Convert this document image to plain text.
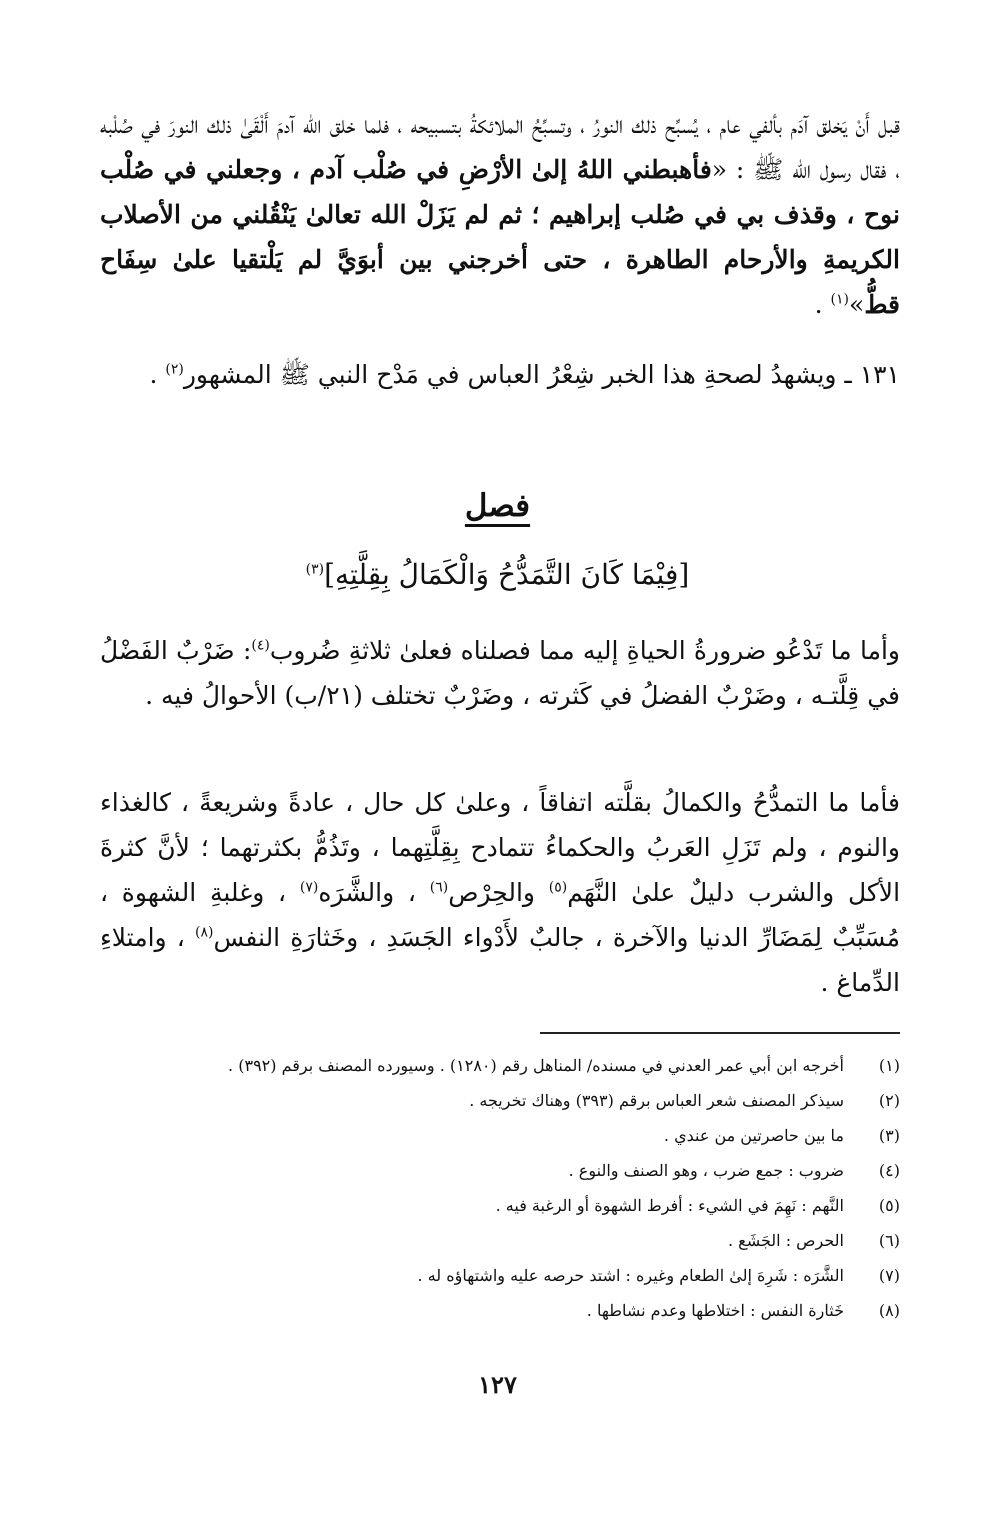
قبل أَنْ يَخلق آدَم بألفي عام ، يُسبِّح ذلك النورُ ، وتسبِّحُ الملائكةُ بتسبيحه ، فلما خلق الله آدمَ أَلْقَىٰ ذلك النورَ في صُلْبه ، فقال رسول الله ﷺ : «فأهبطني اللهُ إلىٰ الأرْضِ في صُلْب آدم ، وجعلني في صُلْب نوح ، وقذف بي في صُلب إبراهيم ؛ ثم لم يَزَلْ الله تعالىٰ يَنْقُلني من الأصلاب الكريمةِ والأرحام الطاهرة ، حتى أخرجني بين أبوَيَّ لم يَلْتقيا علىٰ سِفَاح قطُّ»$^{(١)}$ .

١٣١ ـ ويشهدُ لصحةِ هذا الخبر شِعْرُ العباس في مَدْح النبي ﷺ المشهور$^{(٢)}$ .

فصل
[فِيْمَا كَانَ التَّمَدُّحُ وَالْكَمَالُ بِقِلَّتِهِ]$^{(٣)}$

وأما ما تَدْعُو ضرورةُ الحياةِ إليه مما فصلناه فعلىٰ ثلاثةِ ضُروب$^{(٤)}$: ضَرْبٌ الفَضْلُ في قِلَّتـه ، وضَرْبٌ الفضلُ في كَثرته ، وضَرْبٌ تختلف (٢١/ب) الأحوالُ فيه .

فأما ما التمدُّحُ والكمالُ بقلَّته اتفاقاً ، وعلىٰ كل حال ، عادةً وشريعةً ، كالغذاء والنوم ، ولم تَزَلِ العَربُ والحكماءُ تتمادح بِقِلَّتِهما ، وتَذُمُّ بكثرتهما ؛ لأنَّ كثرةَ الأكل والشرب دليلٌ علىٰ النَّهَم$^{(٥)}$ والحِرْص$^{(٦)}$ ، والشَّرَه$^{(٧)}$ ، وغلبةِ الشهوة ، مُسَبِّبٌ لِمَضَارِّ الدنيا والآخرة ، جالبٌ لأَدْواء الجَسَدِ ، وخَثارَةِ النفس$^{(٨)}$ ، وامتلاءِ الدِّماغ .

(١)
أخرجه ابن أبي عمر العدني في مسنده/ المناهل رقم (١٢٨٠) . وسيورده المصنف برقم (٣٩٢) .
(٢)
سيذكر المصنف شعر العباس برقم (٣٩٣) وهناك تخريجه .
(٣)
ما بين حاصرتين من عندي .
(٤)
ضروب : جمع ضرب ، وهو الصنف والنوع .
(٥)
النَّهم : نَهِمَ في الشيء : أفرط الشهوة أو الرغبة فيه .
(٦)
الحرص : الجَشَع .
(٧)
الشَّرَه : شَرِهَ إلىٰ الطعام وغيره : اشتد حرصه عليه واشتهاؤه له .
(٨)
خَثارة النفس : اختلاطها وعدم نشاطها .
١٢٧
